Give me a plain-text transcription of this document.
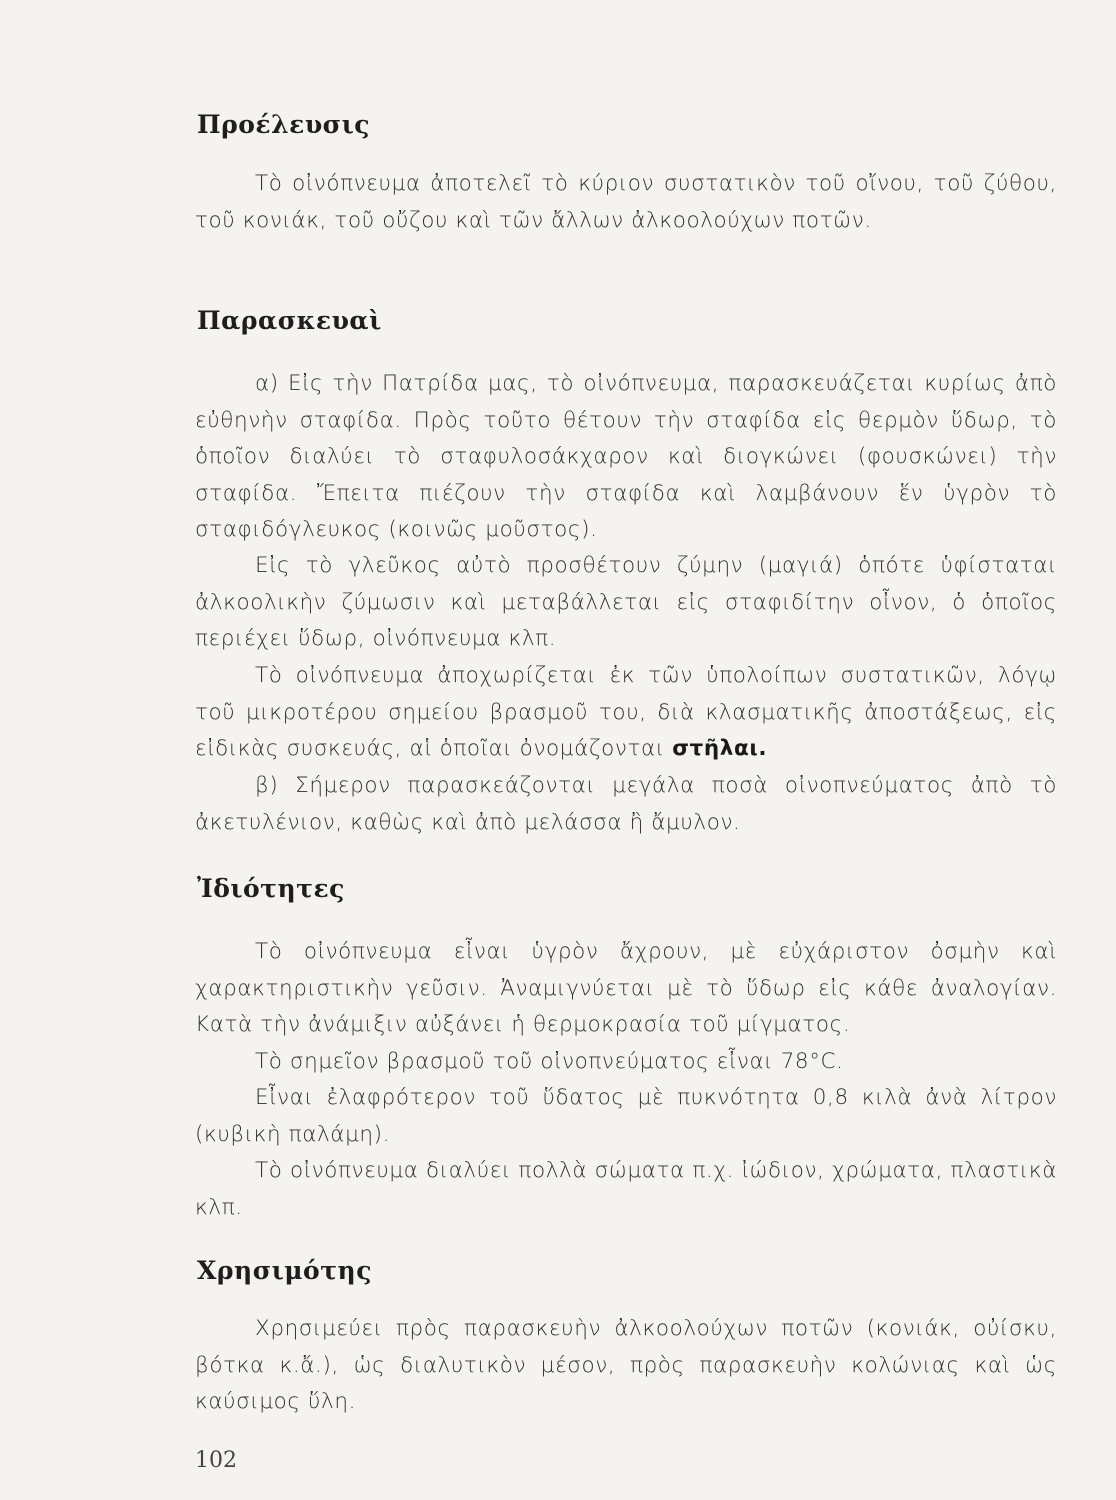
Προέλευσις

Τὸ οἰνόπνευμα ἀποτελεῖ τὸ κύριον συστατικὸν τοῦ οἴνου, τοῦ ζύθου, τοῦ κονιάκ, τοῦ οὔζου καὶ τῶν ἄλλων ἀλκοολούχων ποτῶν.

Παρασκευαὶ

α) Εἰς τὴν Πατρίδα μας, τὸ οἰνόπνευμα, παρασκευάζεται κυρίως ἀπὸ εὐθηνὴν σταφίδα. Πρὸς τοῦτο θέτουν τὴν σταφίδα εἰς θερμὸν ὕδωρ, τὸ ὁποῖον διαλύει τὸ σταφυλοσάκχαρον καὶ διογκώνει (φουσκώνει) τὴν σταφίδα. Ἔπειτα πιέζουν τὴν σταφίδα καὶ λαμβάνουν ἕν ὑγρὸν τὸ σταφιδόγλευκος (κοινῶς μοῦστος).

Εἰς τὸ γλεῦκος αὐτὸ προσθέτουν ζύμην (μαγιά) ὁπότε ὑφίσταται ἀλκοολικὴν ζύμωσιν καὶ μεταβάλλεται εἰς σταφιδίτην οἶνον, ὁ ὁποῖος περιέχει ὕδωρ, οἰνόπνευμα κλπ.

Τὸ οἰνόπνευμα ἀποχωρίζεται ἐκ τῶν ὑπολοίπων συστατικῶν, λόγῳ τοῦ μικροτέρου σημείου βρασμοῦ του, διὰ κλασματικῆς ἀποστάξεως, εἰς εἰδικὰς συσκευάς, αἱ ὁποῖαι ὀνομάζονται στῆλαι.

β) Σήμερον παρασκεάζονται μεγάλα ποσὰ οἰνοπνεύματος ἀπὸ τὸ ἀκετυλένιον, καθὼς καὶ ἀπὸ μελάσσα ἢ ἄμυλον.

Ἰδιότητες

Τὸ οἰνόπνευμα εἶναι ὑγρὸν ἄχρουν, μὲ εὐχάριστον ὀσμὴν καὶ χαρακτηριστικὴν γεῦσιν. Ἀναμιγνύεται μὲ τὸ ὕδωρ εἰς κάθε ἀναλογίαν. Κατὰ τὴν ἀνάμιξιν αὐξάνει ἡ θερμοκρασία τοῦ μίγματος.

Τὸ σημεῖον βρασμοῦ τοῦ οἰνοπνεύματος εἶναι 78°C.

Εἶναι ἐλαφρότερον τοῦ ὕδατος μὲ πυκνότητα 0,8 κιλὰ ἀνὰ λίτρον (κυβικὴ παλάμη).

Τὸ οἰνόπνευμα διαλύει πολλὰ σώματα π.χ. ἰώδιον, χρώματα, πλαστικὰ κλπ.

Χρησιμότης

Χρησιμεύει πρὸς παρασκευὴν ἀλκοολούχων ποτῶν (κονιάκ, οὐίσκυ, βότκα κ.ἄ.), ὡς διαλυτικὸν μέσον, πρὸς παρασκευὴν κολώνιας καὶ ὡς καύσιμος ὕλη.

102
